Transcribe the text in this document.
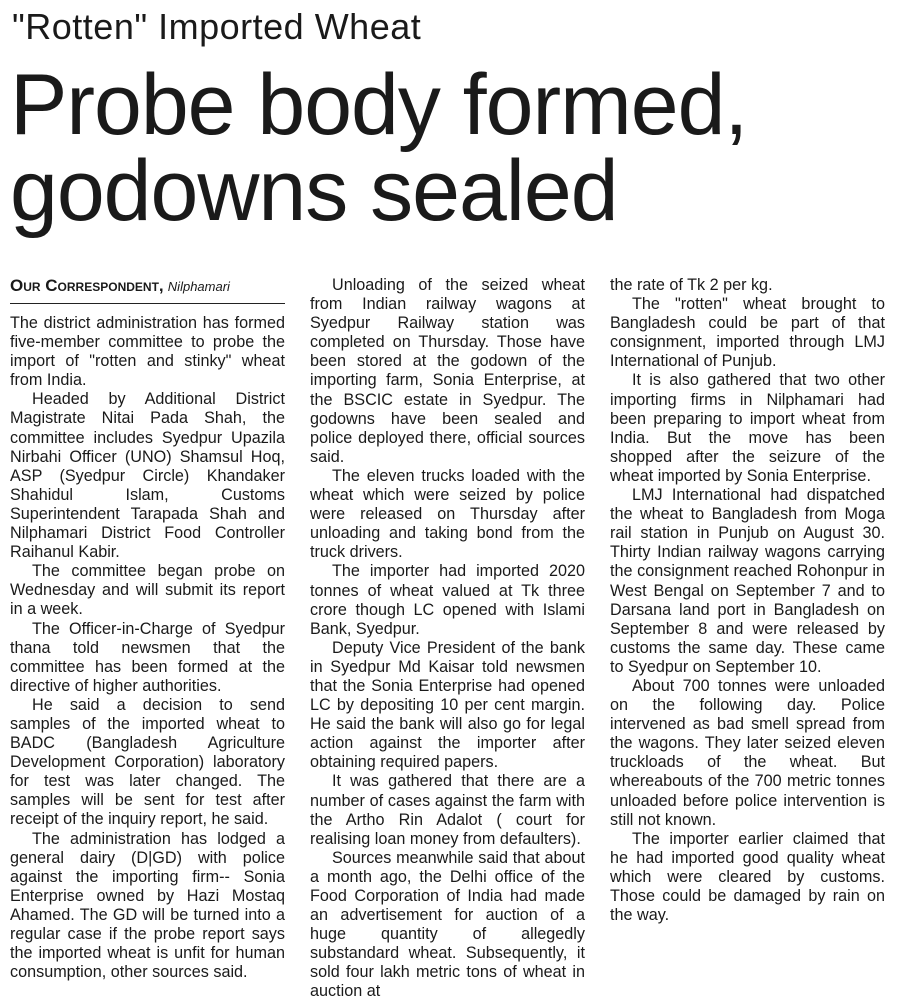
"Rotten" Imported Wheat
Probe body formed, godowns sealed
Our Correspondent, Nilphamari

The district administration has formed five-member committee to probe the import of "rotten and stinky" wheat from India.

Headed by Additional District Magistrate Nitai Pada Shah, the committee includes Syedpur Upazila Nirbahi Officer (UNO) Shamsul Hoq, ASP (Syedpur Circle) Khandaker Shahidul Islam, Customs Superintendent Tarapada Shah and Nilphamari District Food Controller Raihanul Kabir.

The committee began probe on Wednesday and will submit its report in a week.

The Officer-in-Charge of Syedpur thana told newsmen that the committee has been formed at the directive of higher authorities.

He said a decision to send samples of the imported wheat to BADC (Bangladesh Agriculture Development Corporation) laboratory for test was later changed. The samples will be sent for test after receipt of the inquiry report, he said.

The administration has lodged a general dairy (D|GD) with police against the importing firm-- Sonia Enterprise owned by Hazi Mostaq Ahamed. The GD will be turned into a regular case if the probe report says the imported wheat is unfit for human consumption, other sources said.

Unloading of the seized wheat from Indian railway wagons at Syedpur Railway station was completed on Thursday. Those have been stored at the godown of the importing farm, Sonia Enterprise, at the BSCIC estate in Syedpur. The godowns have been sealed and police deployed there, official sources said.

The eleven trucks loaded with the wheat which were seized by police were released on Thursday after unloading and taking bond from the truck drivers.

The importer had imported 2020 tonnes of wheat valued at Tk three crore though LC opened with Islami Bank, Syedpur.

Deputy Vice President of the bank in Syedpur Md Kaisar told newsmen that the Sonia Enterprise had opened LC by depositing 10 per cent margin. He said the bank will also go for legal action against the importer after obtaining required papers.

It was gathered that there are a number of cases against the farm with the Artho Rin Adalot ( court for realising loan money from defaulters).

Sources meanwhile said that about a month ago, the Delhi office of the Food Corporation of India had made an advertisement for auction of a huge quantity of allegedly substandard wheat. Subsequently, it sold four lakh metric tons of wheat in auction at

the rate of Tk 2 per kg.

The "rotten" wheat brought to Bangladesh could be part of that consignment, imported through LMJ International of Punjub.

It is also gathered that two other importing firms in Nilphamari had been preparing to import wheat from India. But the move has been shopped after the seizure of the wheat imported by Sonia Enterprise.

LMJ International had dispatched the wheat to Bangladesh from Moga rail station in Punjub on August 30. Thirty Indian railway wagons carrying the consignment reached Rohonpur in West Bengal on September 7 and to Darsana land port in Bangladesh on September 8 and were released by customs the same day. These came to Syedpur on September 10.

About 700 tonnes were unloaded on the following day. Police intervened as bad smell spread from the wagons. They later seized eleven truckloads of the wheat. But whereabouts of the 700 metric tonnes unloaded before police intervention is still not known.

The importer earlier claimed that he had imported good quality wheat which were cleared by customs. Those could be damaged by rain on the way.
